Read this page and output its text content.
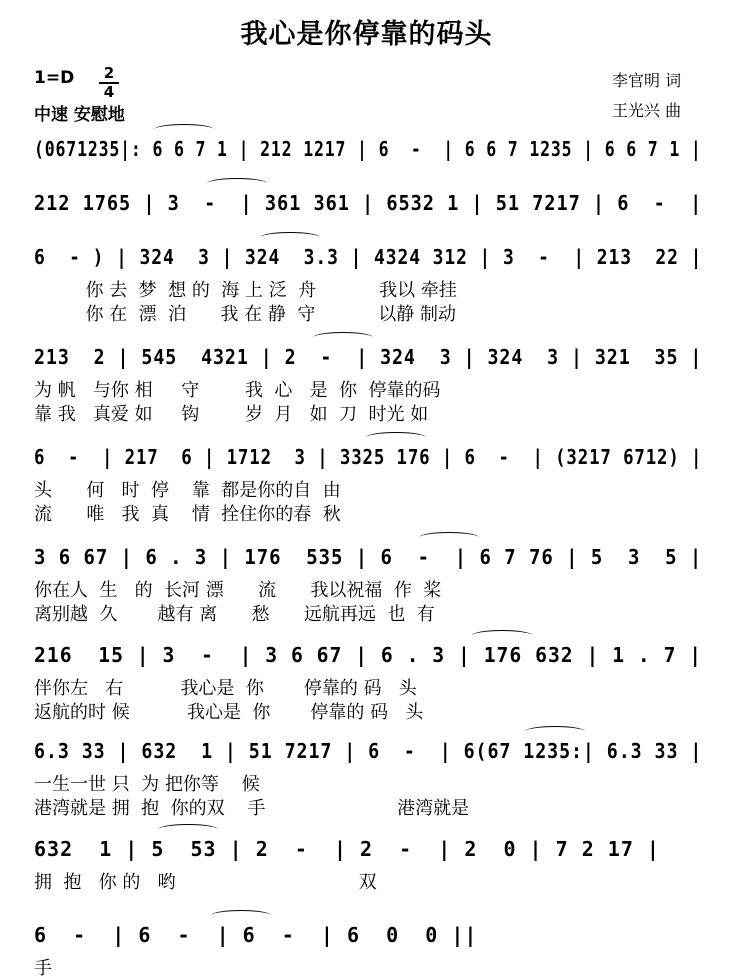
我心是你停靠的码头
1=D	2
4
中速 安慰地
李官明 词
王光兴 曲
(0671235|: 6 6 7 1 | 212 1217 | 6  -  | 6 6 7 1235 | 6 6 7 1 |
212 1765 | 3  -  | 361 361 | 6532 1 | 51 7217 | 6  -  |
6  - ) | 324  3 | 324  3.3 | 4324 312 | 3  -  | 213  22 |
你 去  梦  想 的  海 上 泛  舟           我以 牵挂
你 在  漂  泊      我 在 静  守           以静 制动
213  2 | 545  4321 | 2  -  | 324  3 | 324  3 | 321  35 |
为 帆   与你 相     守        我  心   是  你  停靠的码
靠 我   真爱 如     钩        岁  月   如  刀  时光 如
6  -  | 217  6 | 1712  3 | 3325 176 | 6  -  | (3217 6712) |
头      何   时  停    靠  都是你的自  由
流      唯   我  真    情  拴住你的春  秋
3 6 67 | 6 . 3 | 176  535 | 6  -  | 6 7 76 | 5  3  5 |
你在人  生   的  长河 漂      流      我以祝福  作  桨
离别越  久       越有 离      愁      远航再远  也  有
216  15 | 3  -  | 3 6 67 | 6 . 3 | 176 632 | 1 . 7 |
伴你左   右          我心是  你       停靠的 码   头
返航的时 候          我心是  你       停靠的 码   头
6.3 33 | 632  1 | 51 7217 | 6  -  | 6(67 1235:| 6.3 33 |
一生一世 只  为 把你等    候
港湾就是 拥  抱  你的双    手                       港湾就是
632  1 | 5  53 | 2  -  | 2  -  | 2  0 | 7 2 17 |
拥  抱   你 的   哟                                双
6  -  | 6  -  | 6  -  | 6  0  0 ||
手
